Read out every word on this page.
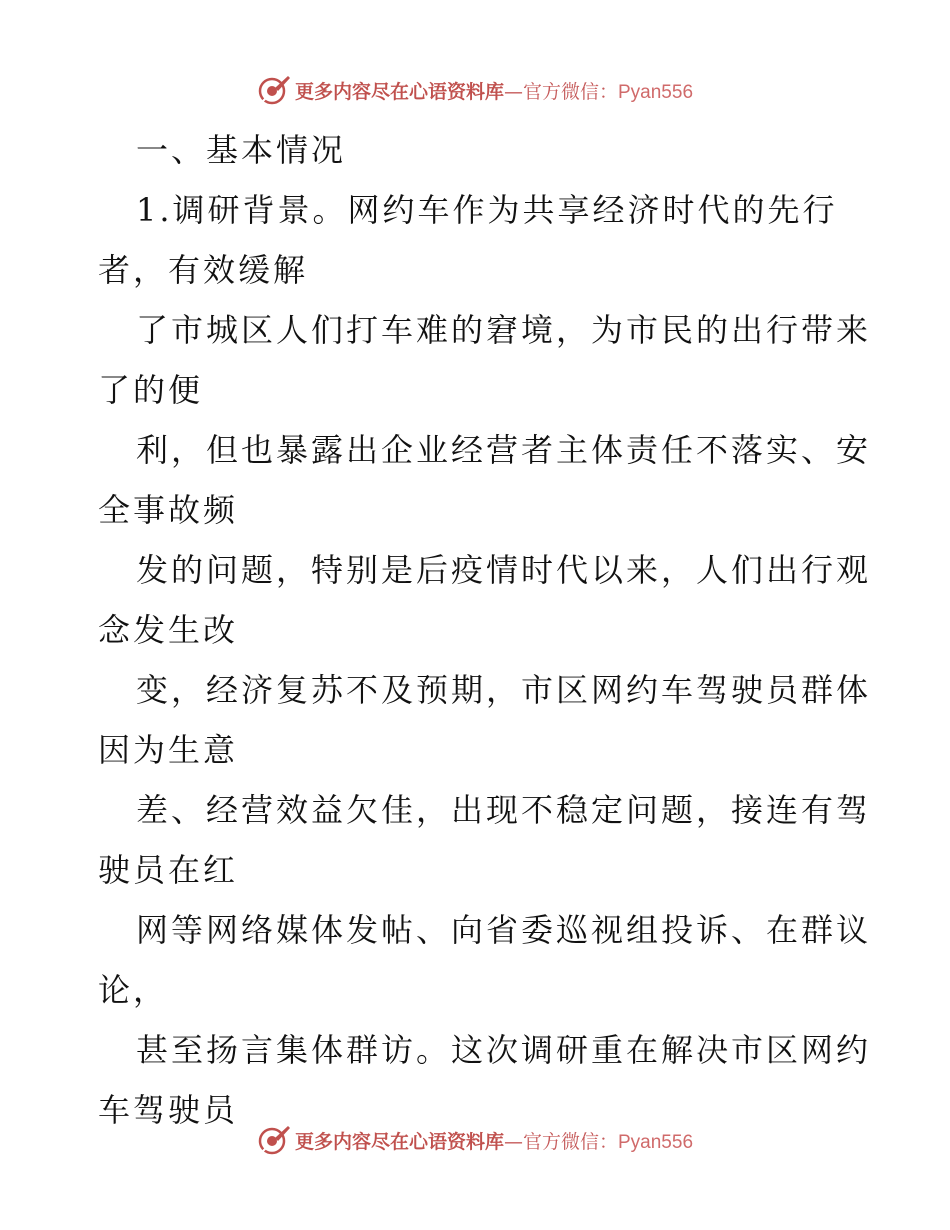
更多内容尽在心语资料库—官方微信：Pyan556
一、基本情况
1.调研背景。网约车作为共享经济时代的先行
者，有效缓解
了市城区人们打车难的窘境，为市民的出行带来
了的便
利，但也暴露出企业经营者主体责任不落实、安
全事故频
发的问题，特别是后疫情时代以来，人们出行观
念发生改
变，经济复苏不及预期，市区网约车驾驶员群体
因为生意
差、经营效益欠佳，出现不稳定问题，接连有驾
驶员在红
网等网络媒体发帖、向省委巡视组投诉、在群议
论，
甚至扬言集体群访。这次调研重在解决市区网约
车驾驶员
更多内容尽在心语资料库—官方微信：Pyan556
